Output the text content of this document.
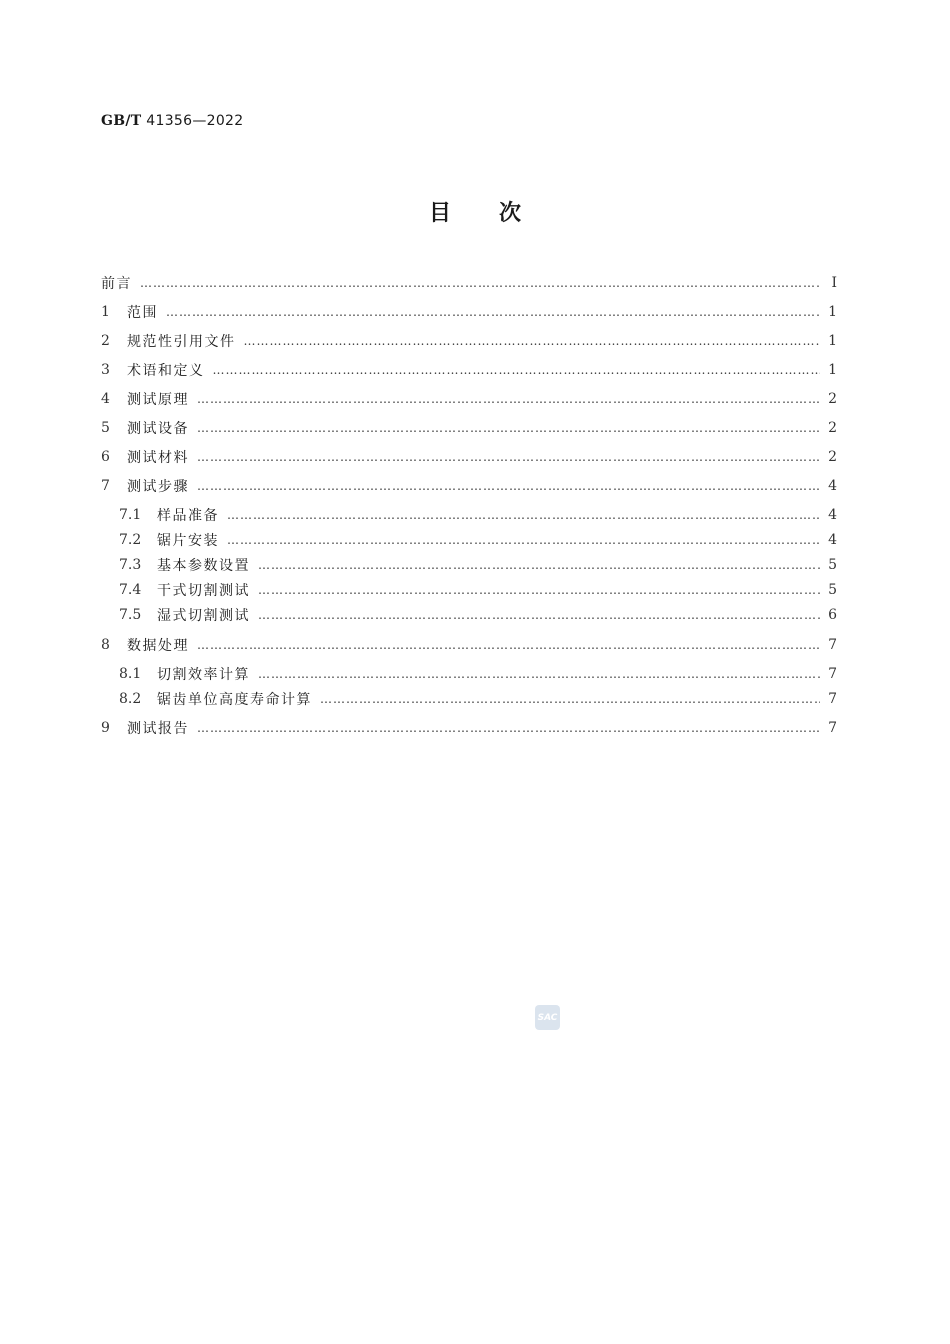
GB/T 41356—2022
目次
前言 ………………………………………………………………………………………………………………………………………………………………………………………………………………………………………………	Ⅰ
1	范围 ………………………………………………………………………………………………………………………………………………………………………………………………………………………………………………	1
2	规范性引用文件 ………………………………………………………………………………………………………………………………………………………………………………………………………………………………………………	1
3	术语和定义 ………………………………………………………………………………………………………………………………………………………………………………………………………………………………………………	1
4	测试原理 ………………………………………………………………………………………………………………………………………………………………………………………………………………………………………………	2
5	测试设备 ………………………………………………………………………………………………………………………………………………………………………………………………………………………………………………	2
6	测试材料 ………………………………………………………………………………………………………………………………………………………………………………………………………………………………………………	2
7	测试步骤 ………………………………………………………………………………………………………………………………………………………………………………………………………………………………………………	4
7.1	样品准备 ………………………………………………………………………………………………………………………………………………………………………………………………………………………………………………	4
7.2	锯片安装 ………………………………………………………………………………………………………………………………………………………………………………………………………………………………………………	4
7.3	基本参数设置 ………………………………………………………………………………………………………………………………………………………………………………………………………………………………………………	5
7.4	干式切割测试 ………………………………………………………………………………………………………………………………………………………………………………………………………………………………………………	5
7.5	湿式切割测试 ………………………………………………………………………………………………………………………………………………………………………………………………………………………………………………	6
8	数据处理 ………………………………………………………………………………………………………………………………………………………………………………………………………………………………………………	7
8.1	切割效率计算 ………………………………………………………………………………………………………………………………………………………………………………………………………………………………………………	7
8.2	锯齿单位高度寿命计算 ………………………………………………………………………………………………………………………………………………………………………………………………………………………………………………	7
9	测试报告 ………………………………………………………………………………………………………………………………………………………………………………………………………………………………………………	7
SAC
